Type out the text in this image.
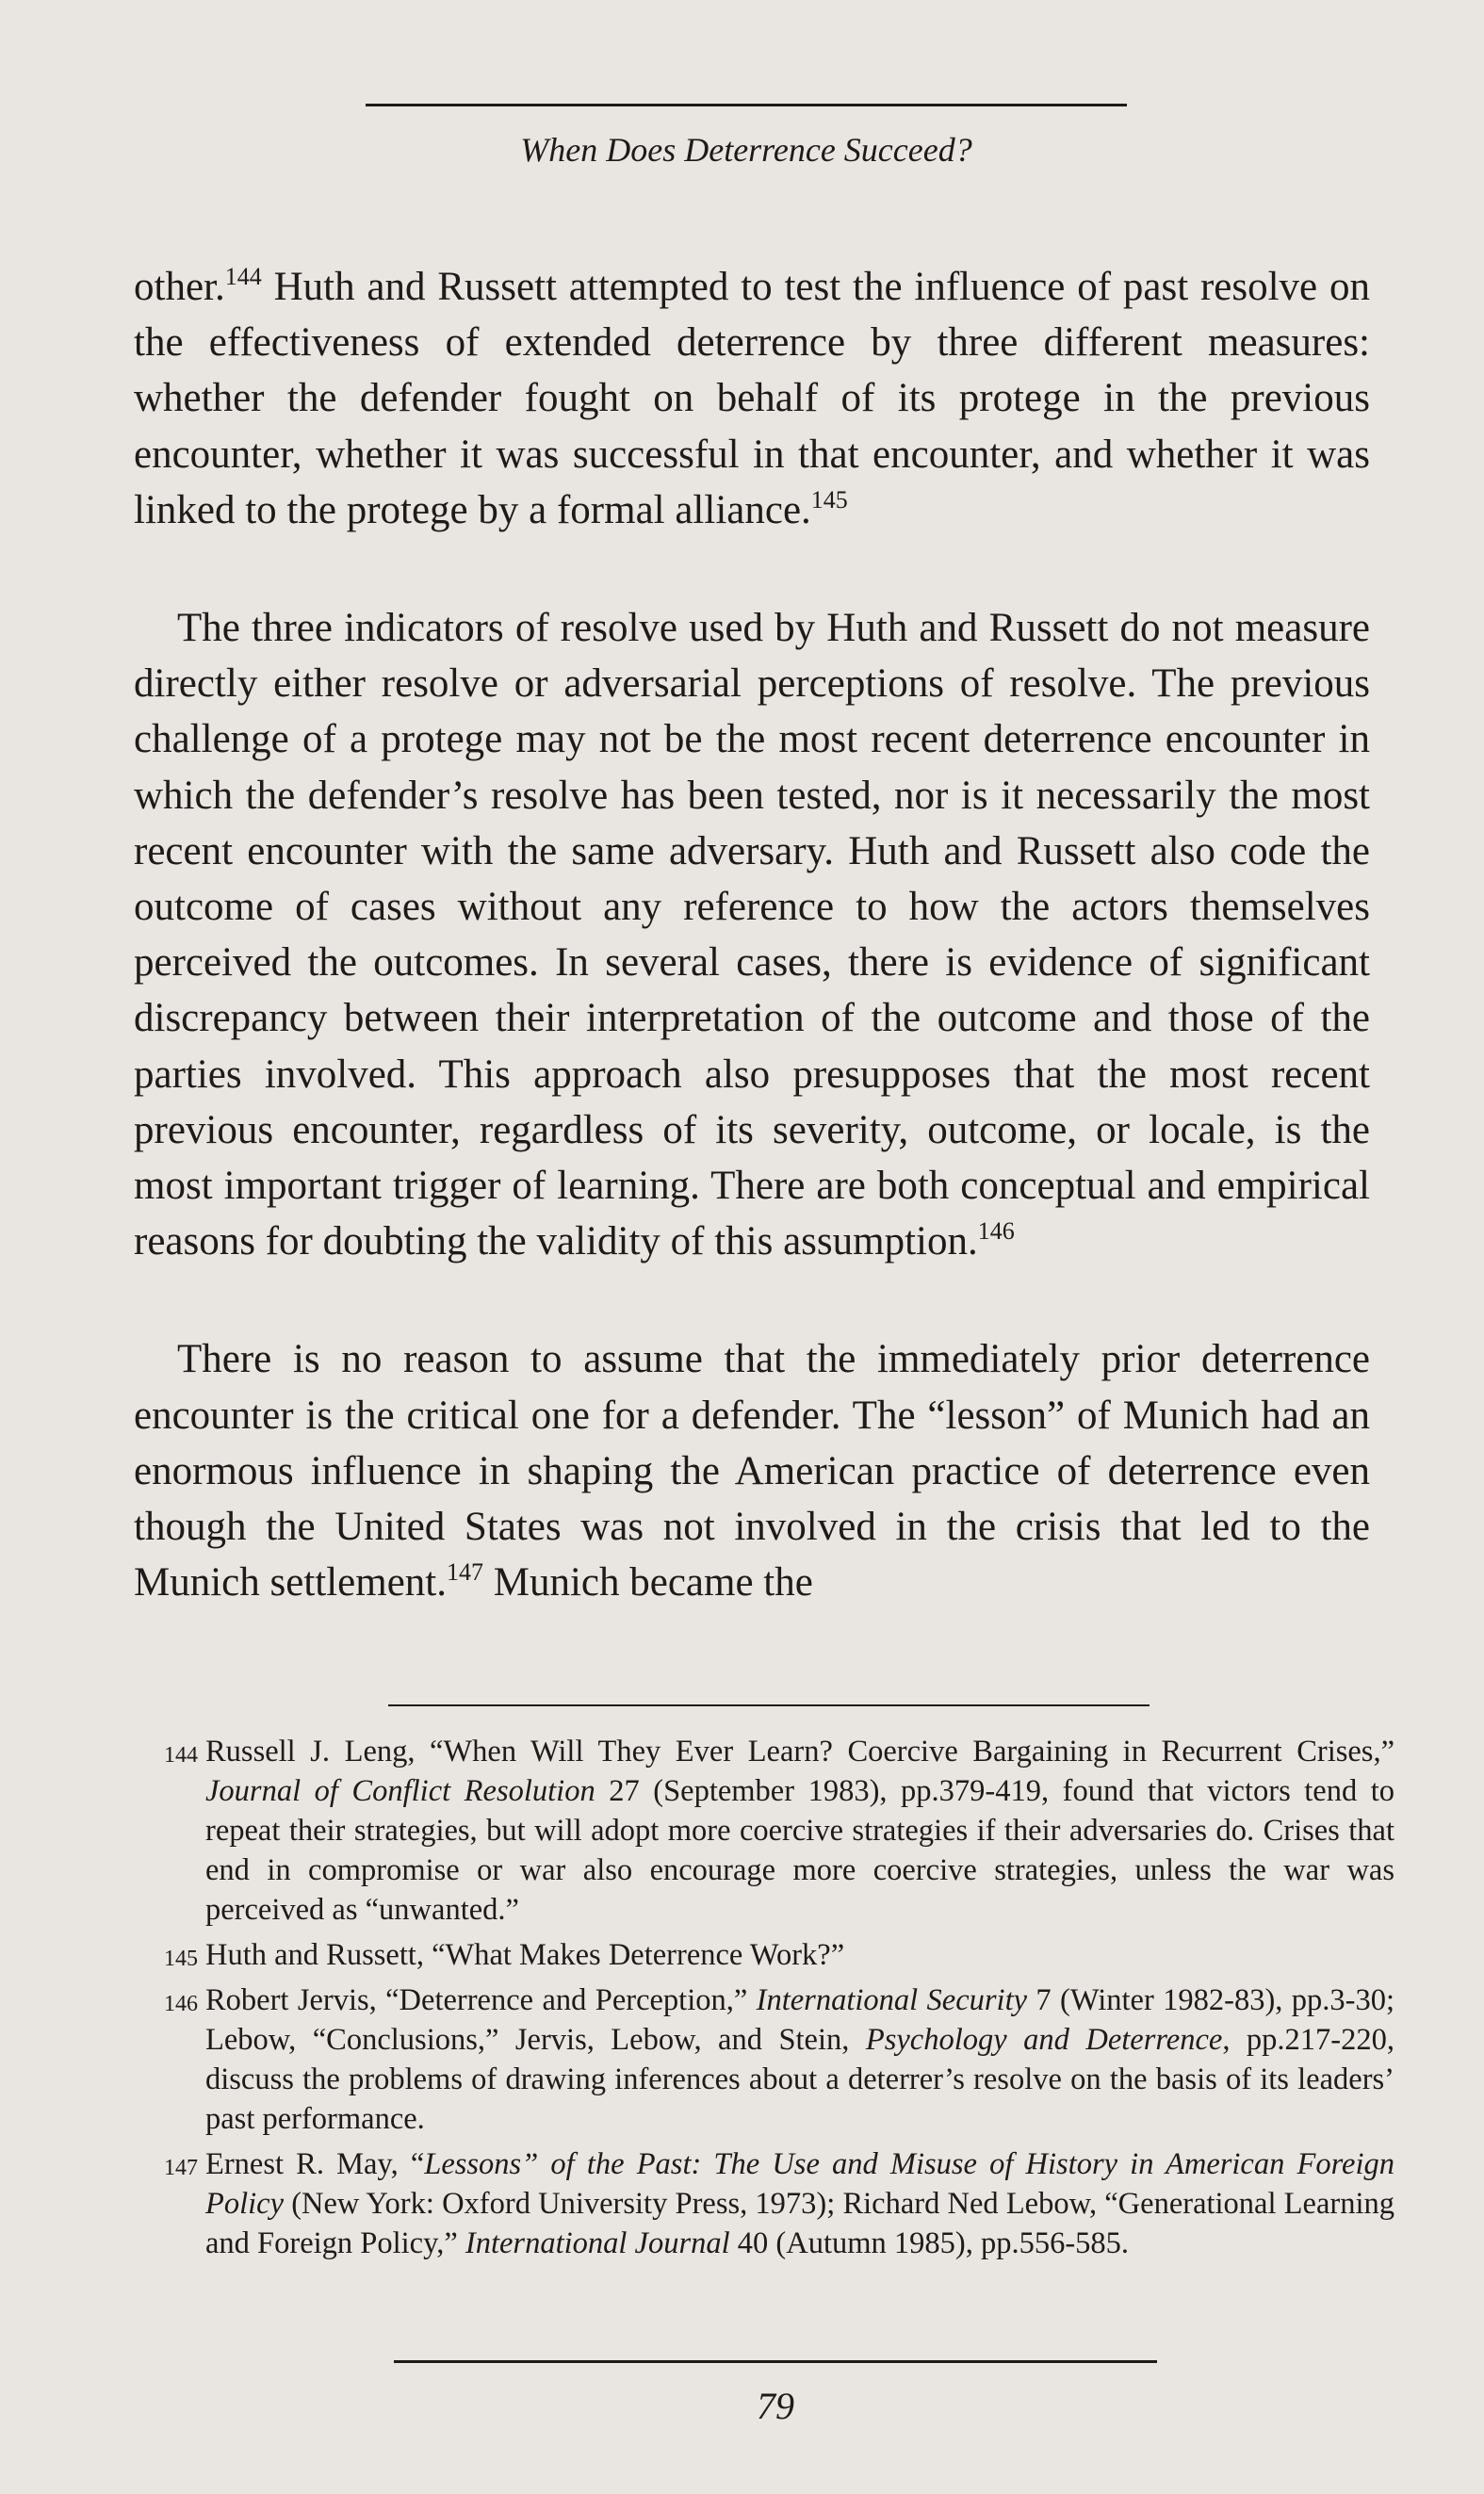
When Does Deterrence Succeed?

other.$^{144}$ Huth and Russett attempted to test the influence of past resolve on the effectiveness of extended deterrence by three different measures: whether the defender fought on behalf of its protege in the previous encounter, whether it was successful in that encounter, and whether it was linked to the protege by a formal alliance.$^{145}$

The three indicators of resolve used by Huth and Russett do not measure directly either resolve or adversarial perceptions of resolve. The previous challenge of a protege may not be the most recent deterrence encounter in which the defender’s resolve has been tested, nor is it necessarily the most recent encounter with the same adversary. Huth and Russett also code the outcome of cases without any reference to how the actors themselves perceived the outcomes. In several cases, there is evidence of significant discrepancy between their interpretation of the outcome and those of the parties involved. This approach also presupposes that the most recent previous encounter, regardless of its severity, outcome, or locale, is the most important trigger of learning. There are both conceptual and empirical reasons for doubting the validity of this assumption.$^{146}$

There is no reason to assume that the immediately prior deterrence encounter is the critical one for a defender. The “lesson” of Munich had an enormous influence in shaping the American practice of deterrence even though the United States was not involved in the crisis that led to the Munich settlement.$^{147}$ Munich became the

144 Russell J. Leng, “When Will They Ever Learn? Coercive Bargaining in Recurrent Crises,” Journal of Conflict Resolution 27 (September 1983), pp.379-419, found that victors tend to repeat their strategies, but will adopt more coercive strategies if their adversaries do. Crises that end in compromise or war also encourage more coercive strategies, unless the war was perceived as “unwanted.”
145 Huth and Russett, “What Makes Deterrence Work?”
146 Robert Jervis, “Deterrence and Perception,” International Security 7 (Winter 1982-83), pp.3-30; Lebow, “Conclusions,” Jervis, Lebow, and Stein, Psychology and Deterrence, pp.217-220, discuss the problems of drawing inferences about a deterrer’s resolve on the basis of its leaders’ past performance.
147 Ernest R. May, “Lessons” of the Past: The Use and Misuse of History in American Foreign Policy (New York: Oxford University Press, 1973); Richard Ned Lebow, “Generational Learning and Foreign Policy,” International Journal 40 (Autumn 1985), pp.556-585.
79
